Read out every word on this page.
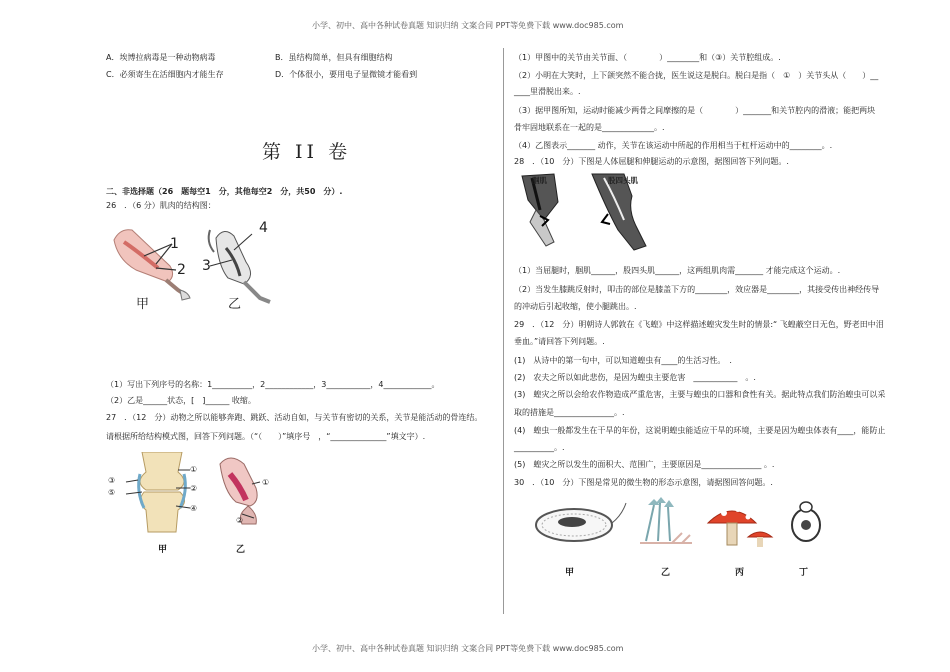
小学、初中、高中各种试卷真题 知识归纳 文案合同 PPT等免费下载 www.doc985.com
小学、初中、高中各种试卷真题 知识归纳 文案合同 PPT等免费下载 www.doc985.com
A．埃博拉病毒是一种动物病毒	B．虽结构简单，但具有细胞结构
C．必须寄生在活细胞内才能生存	D．个体很小，要用电子显微镜才能看到
第 II 卷
二、非选择题（26　题每空1　分，其他每空2　分，共50　分）.
26　．（6 分）肌肉的结构图：
1
2 3
4
甲	乙
（1）写出下列序号的名称：1__________，2____________，3___________，4____________。
（2）乙是______状态，[　]______ 收缩。
27　．（12　分）动物之所以能够奔跑、跳跃、活动自如，与关节有密切的关系，关节是能活动的骨连结。
请根据所给结构模式图，回答下列问题。（“（　　）”填序号　，“______________”填文字）.
①
③
⑤	②
④
①
②
甲	乙
（1）甲图中的关节由关节面、（　　　　）________和（③）关节腔组成。.
（2）小明在大笑时，上下颌突然不能合拢，医生说这是脱臼。脱臼是指（　①　）关节头从（　　）__
____里滑脱出来。.
（3）据甲图所知，运动时能减少两骨之间摩擦的是（　　　　）_______和关节腔内的滑液；能把两块
骨牢固地联系在一起的是_____________。.
（4）乙图表示_______ 动作，关节在该运动中所起的作用相当于杠杆运动中的________。.
28　．（10　分）下图是人体屈腿和伸腿运动的示意图，据图回答下列问题。.
腘肌	股四头肌
（1）当屈腿时，腘肌______，股四头肌______，这两组肌肉需_______ 才能完成这个运动。.
（2）当发生膝跳反射时，叩击的部位是膝盖下方的________，效应器是________，其接受传出神经传导
的冲动后引起收缩，使小腿跳出。.
29　．（12　分）明朝诗人郭敦在《飞蝗》中这样描述蝗灾发生时的情景:“ 飞蝗蔽空日无色，野老田中泪
垂血。”请回答下列问题。.
(1)　从诗中的第一句中，可以知道蝗虫有____的生活习性。　.
(2)　农夫之所以如此悲伤，是因为蝗虫主要危害　___________　。.
(3)　蝗灾之所以会给农作物造成严重危害，主要与蝗虫的口器和食性有关。据此特点我们防治蝗虫可以采
取的措施是_______________。.
(4)　蝗虫一般都发生在干旱的年份，这说明蝗虫能适应干旱的环境，主要是因为蝗虫体表有____，能防止
__________。.
(5)　蝗灾之所以发生的面积大、范围广，主要原因是_______________ 。.
30　．（10　分）下图是常见的微生物的形态示意图，请据图回答问题。.
甲	乙	丙	丁
